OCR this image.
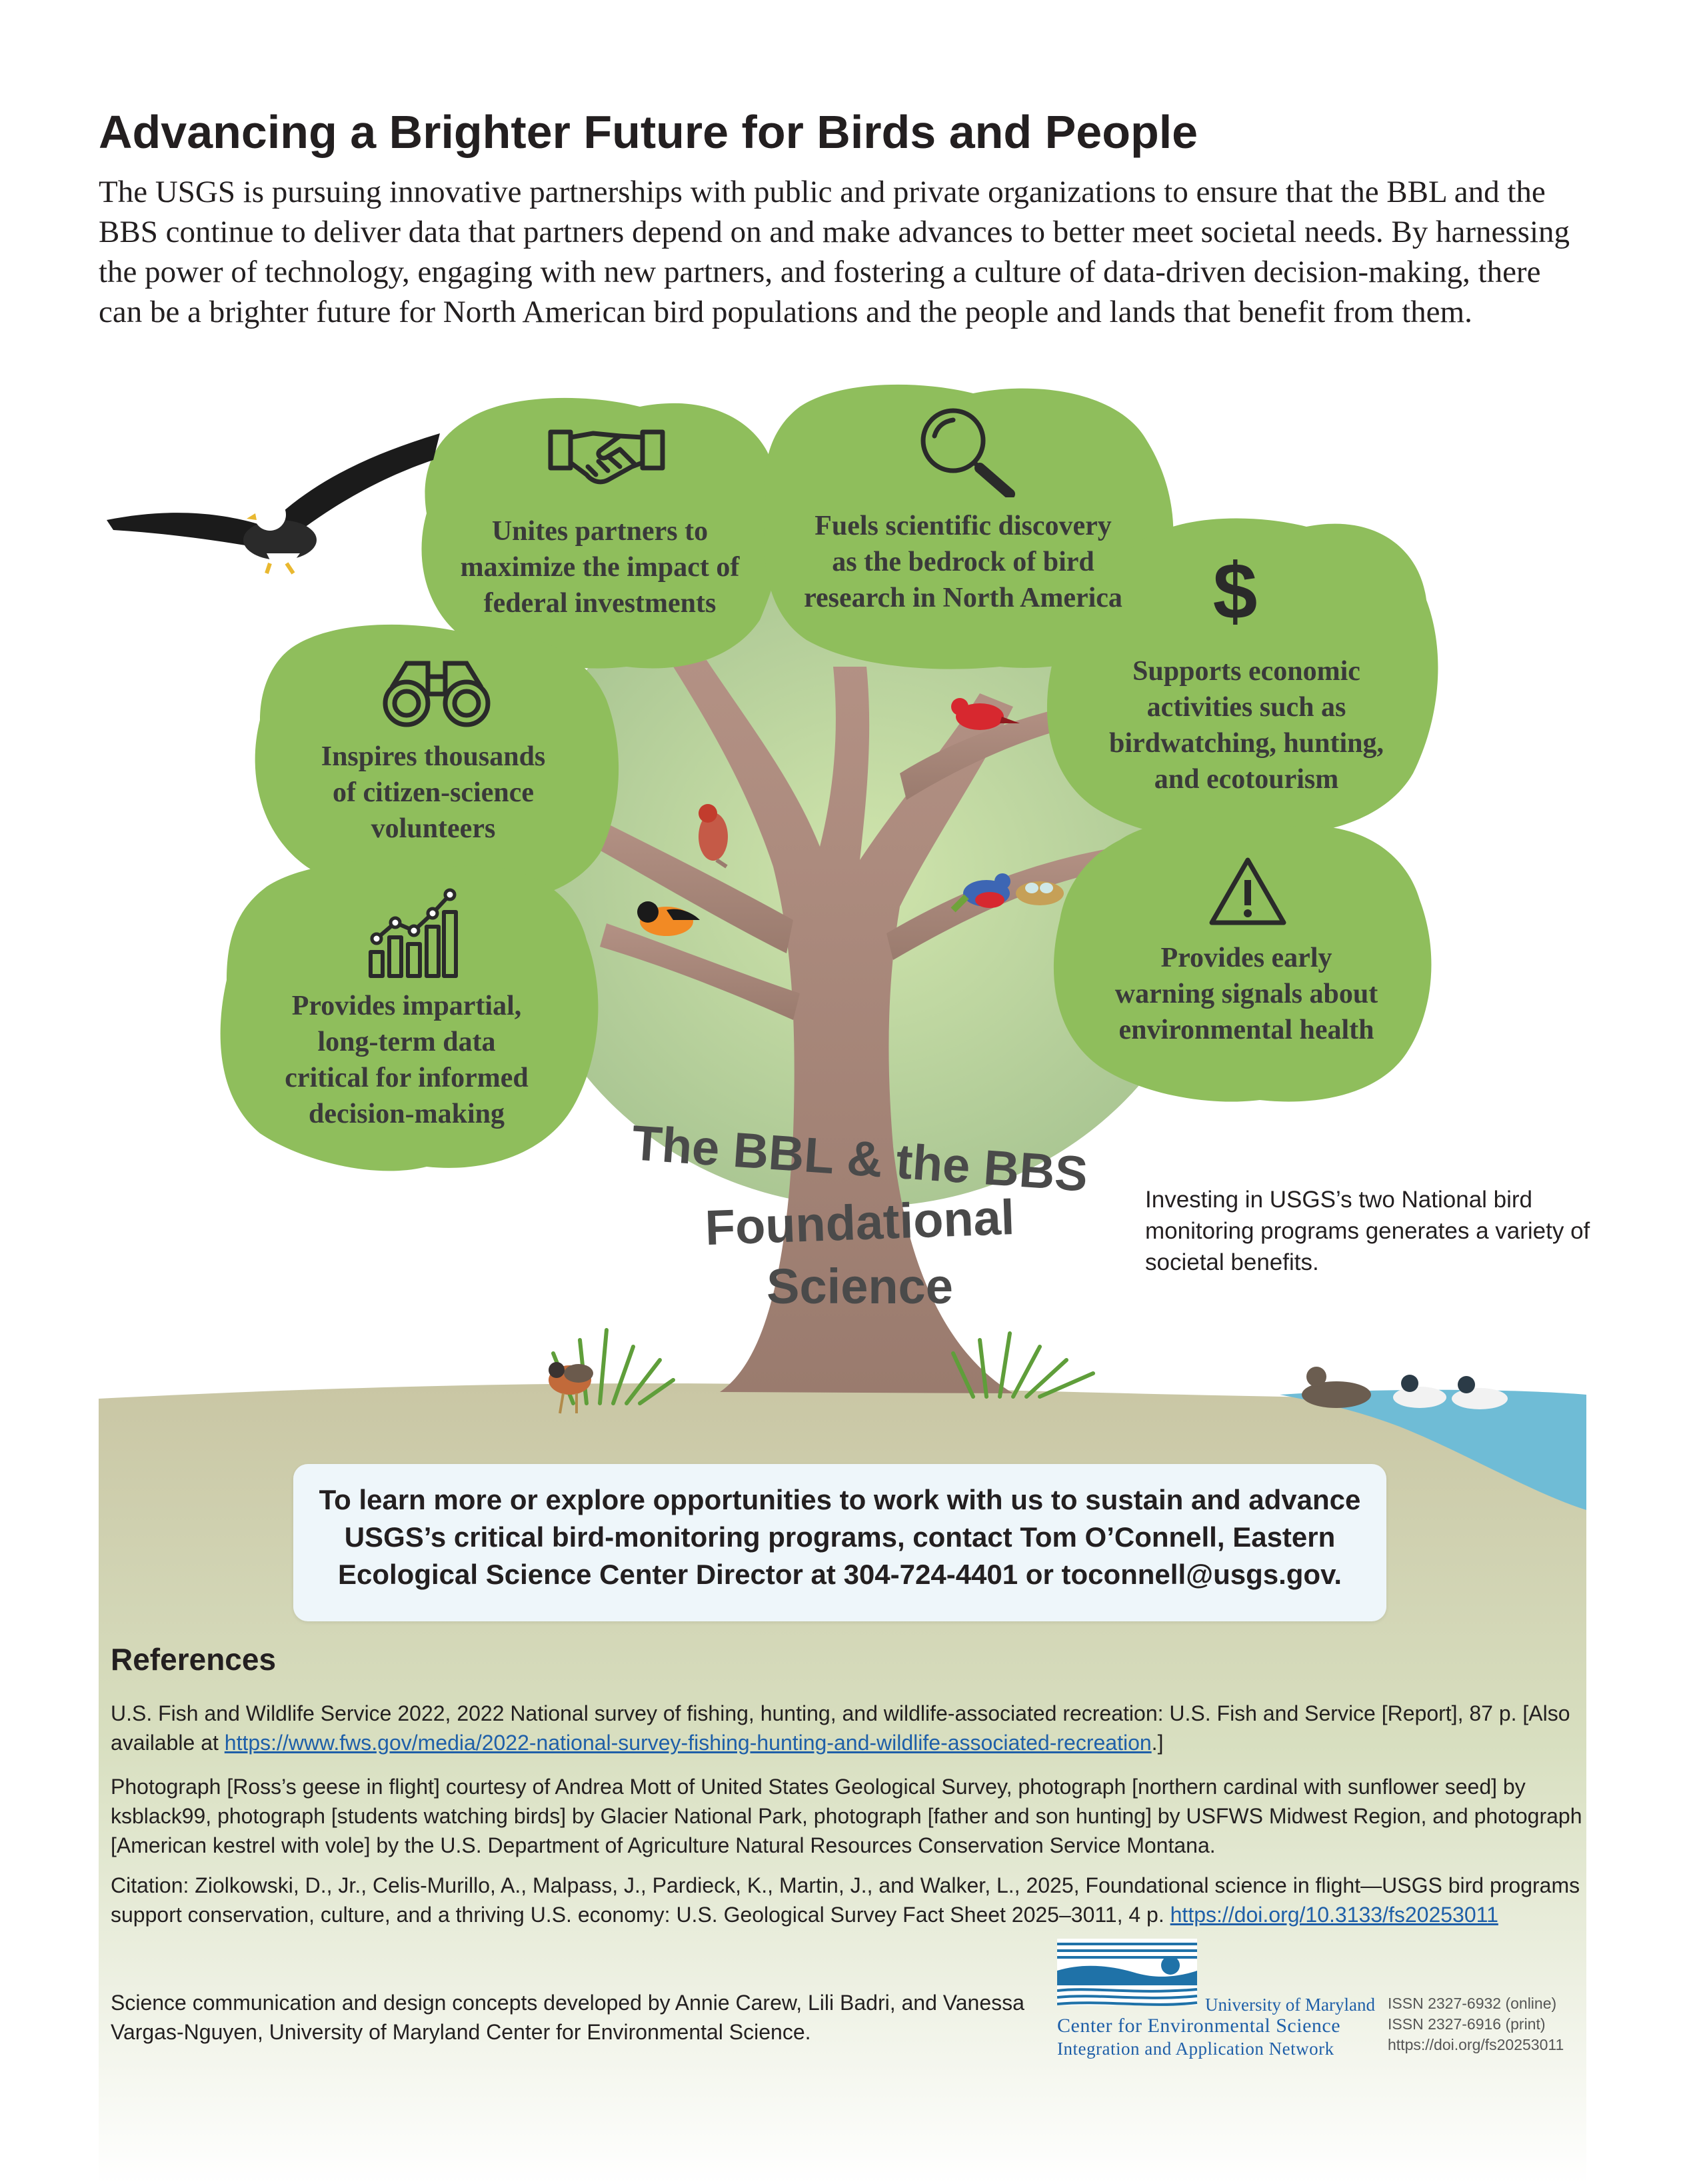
Advancing a Brighter Future for Birds and People

The USGS is pursuing innovative partnerships with public and private organizations to ensure that the BBL and the BBS continue to deliver data that partners depend on and make advances to better meet societal needs. By harnessing the power of technology, engaging with new partners, and fostering a culture of data-driven decision-making, there can be a brighter future for North American bird populations and the people and lands that benefit from them.

$
Unites partners to
maximize the impact of
federal investments
Fuels scientific discovery
as the bedrock of bird
research in North America
Supports economic
activities such as
birdwatching, hunting,
and ecotourism
Inspires thousands
of citizen-science
volunteers
Provides early
warning signals about
environmental health
Provides impartial,
long-term data
critical for informed
decision-making
The BBL & the BBS
Foundational
Science
Investing in USGS’s two National bird monitoring programs generates a variety of societal benefits.
To learn more or explore opportunities to work with us to sustain and advance
USGS’s critical bird-monitoring programs, contact Tom O’Connell, Eastern
Ecological Science Center Director at 304-724-4401 or toconnell@usgs.gov.
References
U.S. Fish and Wildlife Service 2022, 2022 National survey of fishing, hunting, and wildlife-associated recreation: U.S. Fish and Service [Report], 87 p. [Also available at https://www.fws.gov/media/2022-national-survey-fishing-hunting-and-wildlife-associated-recreation.]
Photograph [Ross’s geese in flight] courtesy of Andrea Mott of United States Geological Survey, photograph [northern cardinal with sunflower seed] by ksblack99, photograph [students watching birds] by Glacier National Park, photograph [father and son hunting] by USFWS Midwest Region, and photograph [American kestrel with vole] by the U.S. Department of Agriculture Natural Resources Conservation Service Montana.
Citation: Ziolkowski, D., Jr., Celis-Murillo, A., Malpass, J., Pardieck, K., Martin, J., and Walker, L., 2025, Foundational science in flight—USGS bird programs support conservation, culture, and a thriving U.S. economy: U.S. Geological Survey Fact Sheet 2025–3011, 4 p. https://doi.org/10.3133/fs20253011
Science communication and design concepts developed by Annie Carew, Lili Badri, and Vanessa Vargas-Nguyen, University of Maryland Center for Environmental Science.
University of Maryland
Center for Environmental Science
Integration and Application Network
ISSN 2327-6932 (online)
ISSN 2327-6916 (print)
https://doi.org/fs20253011
